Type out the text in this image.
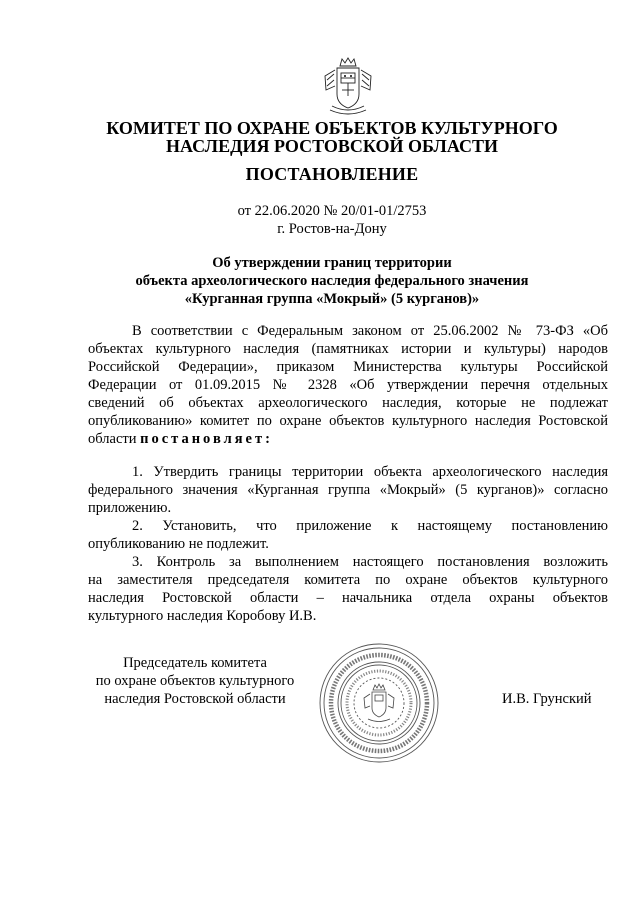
КОМИТЕТ ПО ОХРАНЕ ОБЪЕКТОВ КУЛЬТУРНОГО
НАСЛЕДИЯ РОСТОВСКОЙ ОБЛАСТИ
ПОСТАНОВЛЕНИЕ
от 22.06.2020 № 20/01-01/2753
г. Ростов-на-Дону
Об утверждении границ территории
объекта археологического наследия федерального значения
«Курганная группа «Мокрый» (5 курганов)»
В соответствии с Федеральным законом от 25.06.2002 № 73-ФЗ «Об
объектах культурного наследия (памятниках истории и культуры) народов
Российской Федерации», приказом Министерства культуры Российской
Федерации от 01.09.2015 № 2328 «Об утверждении перечня отдельных
сведений об объектах археологического наследия, которые не подлежат
опубликованию» комитет по охране объектов культурного наследия Ростовской
области постановляет:
1. Утвердить границы территории объекта археологического наследия
федерального значения «Курганная группа «Мокрый» (5 курганов)» согласно
приложению.
2. Установить, что приложение к настоящему постановлению
опубликованию не подлежит.
3. Контроль за выполнением настоящего постановления возложить
на заместителя председателя комитета по охране объектов культурного
наследия Ростовской области – начальника отдела охраны объектов
культурного наследия Коробову И.В.
Председатель комитета
по охране объектов культурного
наследия Ростовской области	И.В. Грунский
